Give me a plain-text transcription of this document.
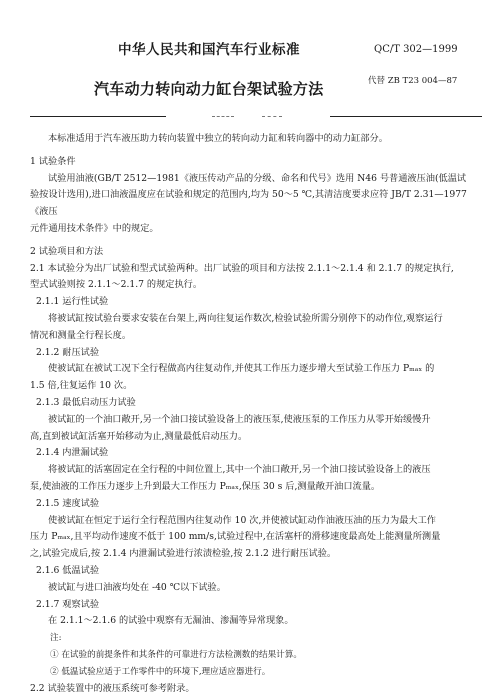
中华人民共和国汽车行业标准	QC/T 302—1999
汽车动力转向动力缸台架试验方法	代替 ZB T23 004—87

本标准适用于汽车液压助力转向装置中独立的转向动力缸和转向器中的动力缸部分。

1 试验条件

试验用油液(GB/T 2512—1981《液压传动产品的分级、命名和代号》选用 N46 号普通液压油(低温试

验按设计选用),进口油液温度应在试验和规定的范围内,均为 50～5 ℃,其清洁度要求应符 JB/T 2.31—1977《液压

元件通用技术条件》中的规定。

2 试验项目和方法

2.1 本试验分为出厂试验和型式试验两种。出厂试验的项目和方法按 2.1.1～2.1.4 和 2.1.7 的规定执行,

型式试验则按 2.1.1～2.1.7 的规定执行。

2.1.1 运行性试验

将被试缸按试验台要求安装在台架上,两向往复运作数次,检验试验所需分别停下的动作位,观察运行

情况和测量全行程长度。

2.1.2 耐压试验

使被试缸在被试工况下全行程做高内往复动作,并使其工作压力逐步增大至试验工作压力 Pₘₐₓ 的

1.5 倍,往复运作 10 次。

2.1.3 最低启动压力试验

被试缸的一个油口敞开,另一个油口接试验设备上的液压泵,使液压泵的工作压力从零开始缓慢升

高,直到被试缸活塞开始移动为止,测量最低启动压力。

2.1.4 内泄漏试验

将被试缸的活塞固定在全行程的中间位置上,其中一个油口敞开,另一个油口接试验设备上的液压

泵,使油液的工作压力逐步上升到最大工作压力 Pₘₐₓ,保压 30 s 后,测量敞开油口流量。

2.1.5 速度试验

使被试缸在恒定于运行全行程范围内往复动作 10 次,并使被试缸动作油液压油的压力为最大工作

压力 Pₘₐₓ,且平均动作速度不低于 100 mm/s,试验过程中,在活塞杆的滑移速度最高处上能测量所测量

之,试验完成后,按 2.1.4 内泄漏试验进行浓渍检验,按 2.1.2 进行耐压试验。

2.1.6 低温试验

被试缸与进口油液均处在 -40 ℃以下试验。

2.1.7 观察试验

在 2.1.1～2.1.6 的试验中观察有无漏油、渗漏等异常现象。

注:

① 在试验的前提条件和其条件的可靠进行方法检测数的结果计算。

② 低温试验应适于工作零件中的环境下,理应适应器进行。

2.2 试验装置中的液压系统可参考附录。
